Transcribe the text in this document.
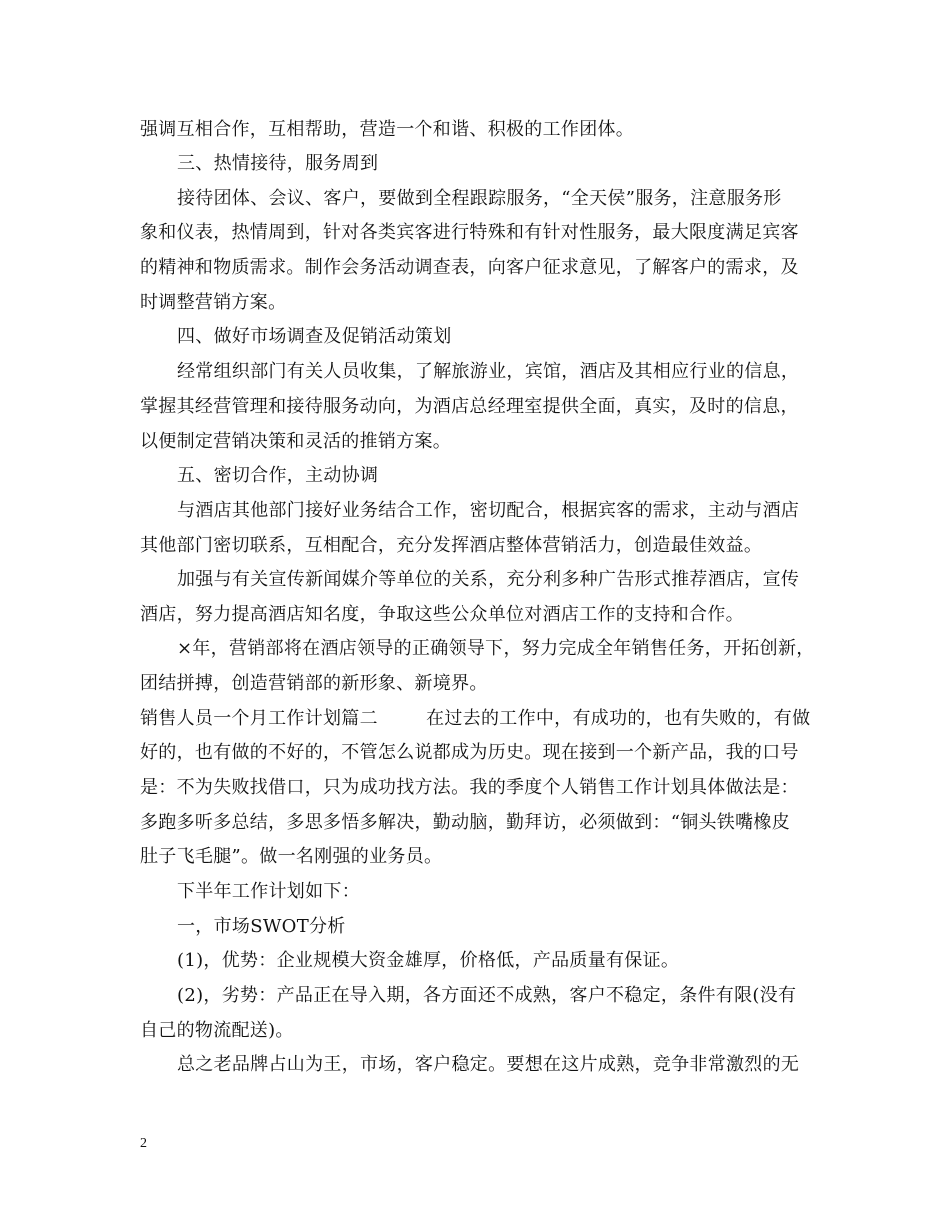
强调互相合作，互相帮助，营造一个和谐、积极的工作团体。
三、热情接待，服务周到
接待团体、会议、客户，要做到全程跟踪服务，“全天侯”服务，注意服务形
象和仪表，热情周到，针对各类宾客进行特殊和有针对性服务，最大限度满足宾客
的精神和物质需求。制作会务活动调查表，向客户征求意见，了解客户的需求，及
时调整营销方案。
四、做好市场调查及促销活动策划
经常组织部门有关人员收集，了解旅游业，宾馆，酒店及其相应行业的信息，
掌握其经营管理和接待服务动向，为酒店总经理室提供全面，真实，及时的信息，
以便制定营销决策和灵活的推销方案。
五、密切合作，主动协调
与酒店其他部门接好业务结合工作，密切配合，根据宾客的需求，主动与酒店
其他部门密切联系，互相配合，充分发挥酒店整体营销活力，创造最佳效益。
加强与有关宣传新闻媒介等单位的关系，充分利多种广告形式推荐酒店，宣传
酒店，努力提高酒店知名度，争取这些公众单位对酒店工作的支持和合作。
×年，营销部将在酒店领导的正确领导下，努力完成全年销售任务，开拓创新，
团结拼搏，创造营销部的新形象、新境界。
销售人员一个月工作计划篇二        在过去的工作中，有成功的，也有失败的，有做
好的，也有做的不好的，不管怎么说都成为历史。现在接到一个新产品，我的口号
是：不为失败找借口，只为成功找方法。我的季度个人销售工作计划具体做法是：
多跑多听多总结，多思多悟多解决，勤动脑，勤拜访，必须做到：“铜头铁嘴橡皮
肚子飞毛腿”。做一名刚强的业务员。
下半年工作计划如下：
一，市场SWOT分析
(1)，优势：企业规模大资金雄厚，价格低，产品质量有保证。
(2)，劣势：产品正在导入期，各方面还不成熟，客户不稳定，条件有限(没有
自己的物流配送)。
总之老品牌占山为王，市场，客户稳定。要想在这片成熟，竞争非常激烈的无
2
